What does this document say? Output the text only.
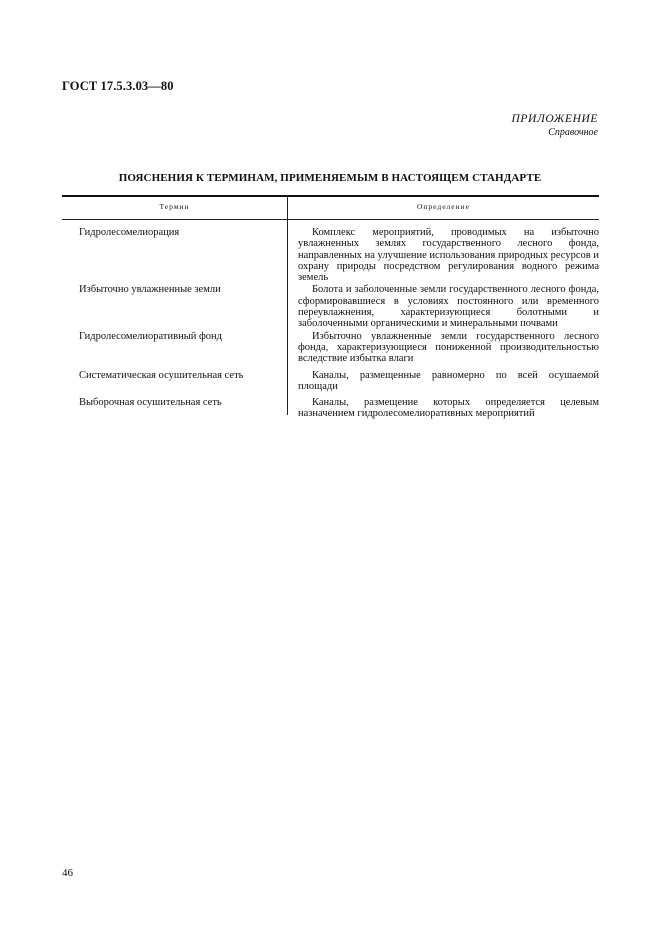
ГОСТ 17.5.3.03—80
ПРИЛОЖЕНИЕ
Справочное
ПОЯСНЕНИЯ К ТЕРМИНАМ, ПРИМЕНЯЕМЫМ В НАСТОЯЩЕМ СТАНДАРТЕ
Термин	Определение
Гидролесомелиорация	Комплекс мероприятий, проводимых на избыточно увлажненных землях государственного лесного фонда, направленных на улучшение использования природных ресурсов и охрану природы посредством регулирования водного режима земель
Избыточно увлажненные земли	Болота и заболоченные земли государственного лесного фонда, сформировавшиеся в условиях постоянного или временного переувлажнения, характеризующиеся болотными и заболоченными органическими и минеральными почвами
Гидролесомелиоративный фонд	Избыточно увлажненные земли государственного лесного фонда, характеризующиеся пониженной производительностью вследствие избытка влаги
Систематическая осушительная сеть	Каналы, размещенные равномерно по всей осушаемой площади
Выборочная осушительная сеть	Каналы, размещение которых определяется целевым назначением гидролесомелиоративных мероприятий
46
